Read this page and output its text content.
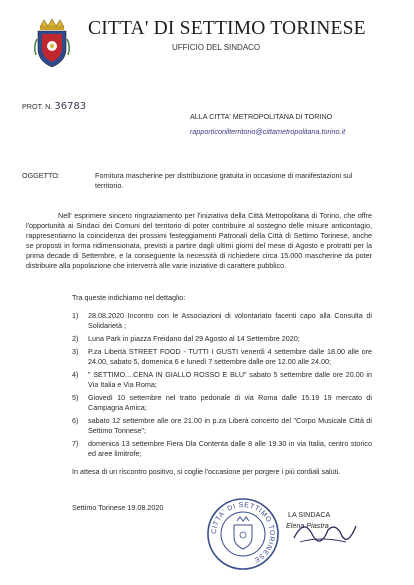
CITTA' DI SETTIMO TORINESE
UFFICIO DEL SINDACO
PROT. N. 36783
ALLA CITTA' METROPOLITANA DI TORINO
rapporticonilterritorio@cittametropolitana.torino.it
OGGETTO:	Fornitura mascherine per distribuzione gratuita in occasione di manifestazioni sul territorio.
Nell' esprimere sincero ringraziamento per l'iniziativa della Città Metropolitana di Torino, che offre l'opportunità ai Sindaci dei Comuni del territorio di poter contribuire al sostegno delle misure anticontagio, rappresentiamo la coincidenza dei prossimi festeggiamenti Patronali della Città di Settimo Torinese, anche se proposti in forma ridimensionata, previsti a partire dagli ultimi giorni del mese di Agosto e protratti per la prima decade di Settembre, e la conseguente la necessità di richiedere circa 15.000 mascherine da poter distribuire alla popolazione che interverrà alle varie iniziative di carattere pubblico.
Tra queste indichiamo nel dettaglio:
1) 28.08.2020 Incontro con le Associazioni di volontariato facenti capo alla Consulta di Solidarietà ;
2) Luna Park in piazza Freidano dal 29 Agosto al 14 Settembre 2020;
3) P.za Libertà STREET FOOD - TUTTI I GUSTI venerdì 4 settembre dalle 18.00 alle ore 24.00, sabato 5, domenica 6 e lunedì 7 settembre dalle ore 12.00 alle 24.00;
4) " SETTIMO....CENA IN GIALLO ROSSO E BLU" sabato 5 settembre dalle ore 20.00 in Via Italia e Via Roma;
5) Giovedì 10 settembre nel tratto pedonale di via Roma dalle 15.19 19 mercato di Campagna Amica;
6) sabato 12 settembre alle ore 21.00 in p.za Liberà concerto del "Corpo Musicale Città di Settimo Torinese";
7) domenica 13 settembre Fiera Dla Contenta dalle 8 alle 19.30 in via Italia, centro storico ed aree limitrofe;
In attesa di un riscontro positivo, si coglie l'occasione per porgere i più cordiali saluti.
Settimo Torinese 19.08.2020
CITTA' DI SETTIMO TORINESE
LA SINDACA
Elena Piastra
